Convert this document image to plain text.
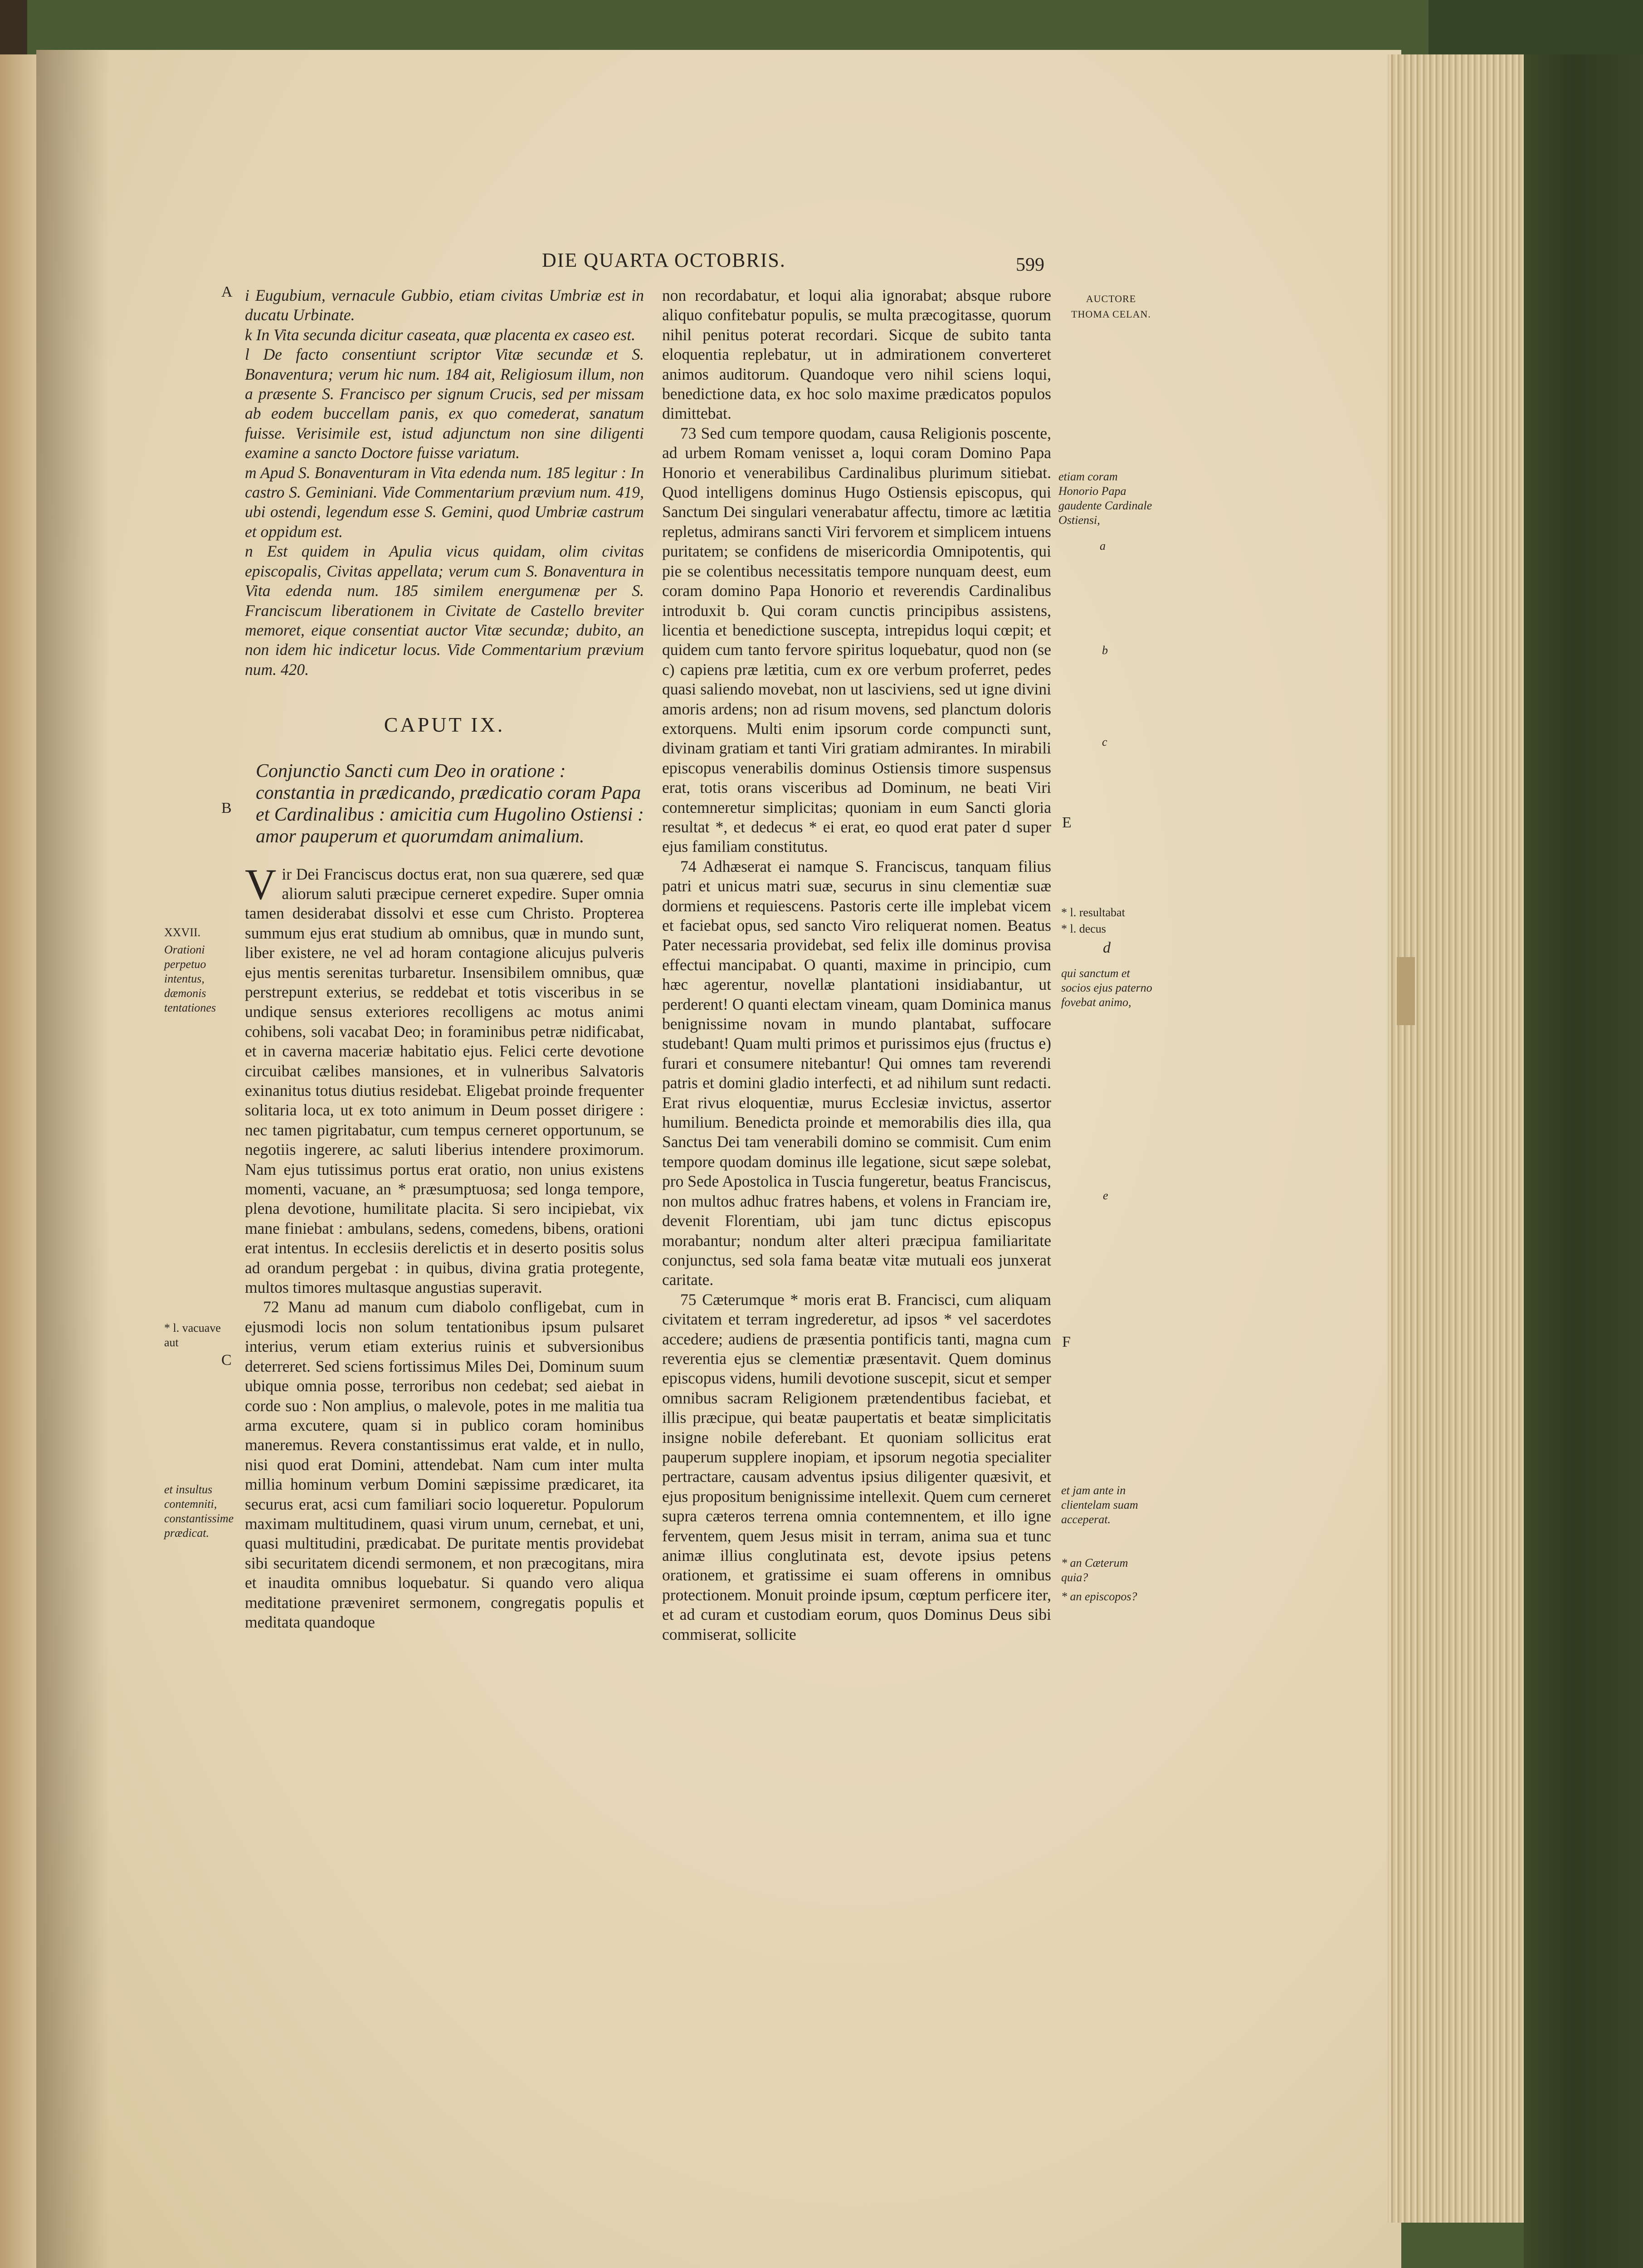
DIE QUARTA OCTOBRIS.	599
AUCTORE THOMA CELAN.
A
B
C
E
F
XXVII.
Orationi perpetuo intentus, dæmonis tentationes
* l. vacuave aut
et insultus contemniti, constantissime prædicat.
etiam coram Honorio Papa gaudente Cardinale Ostiensi,
a
b
c
* l. resultabat
* l. decus
d
qui sanctum et socios ejus paterno fovebat animo,
e
et jam ante in clientelam suam acceperat.
* an Cæterum quia?
* an episcopos?

i Eugubium, vernacule Gubbio, etiam civitas Umbriæ est in ducatu Urbinate.

k In Vita secunda dicitur caseata, quæ placenta ex caseo est.

l De facto consentiunt scriptor Vitæ secundæ et S. Bonaventura; verum hic num. 184 ait, Religiosum illum, non a præsente S. Francisco per signum Crucis, sed per missam ab eodem buccellam panis, ex quo comederat, sanatum fuisse. Verisimile est, istud adjunctum non sine diligenti examine a sancto Doctore fuisse variatum.

m Apud S. Bonaventuram in Vita edenda num. 185 legitur : In castro S. Geminiani. Vide Commentarium prævium num. 419, ubi ostendi, legendum esse S. Gemini, quod Umbriæ castrum et oppidum est.

n Est quidem in Apulia vicus quidam, olim civitas episcopalis, Civitas appellata; verum cum S. Bonaventura in Vita edenda num. 185 similem energumenæ per S. Franciscum liberationem in Civitate de Castello breviter memoret, eique consentiat auctor Vitæ secundæ; dubito, an non idem hic indicetur locus. Vide Commentarium prævium num. 420.

CAPUT IX.
Conjunctio Sancti cum Deo in oratione : constantia in prædicando, prædicatio coram Papa et Cardinalibus : amicitia cum Hugolino Ostiensi : amor pauperum et quorumdam animalium.

Vir Dei Franciscus doctus erat, non sua quærere, sed quæ aliorum saluti præcipue cerneret expedire. Super omnia tamen desiderabat dissolvi et esse cum Christo. Propterea summum ejus erat studium ab omnibus, quæ in mundo sunt, liber existere, ne vel ad horam contagione alicujus pulveris ejus mentis serenitas turbaretur. Insensibilem omnibus, quæ perstrepunt exterius, se reddebat et totis visceribus in se undique sensus exteriores recolligens ac motus animi cohibens, soli vacabat Deo; in foraminibus petræ nidificabat, et in caverna maceriæ habitatio ejus. Felici certe devotione circuibat cælibes mansiones, et in vulneribus Salvatoris exinanitus totus diutius residebat. Eligebat proinde frequenter solitaria loca, ut ex toto animum in Deum posset dirigere : nec tamen pigritabatur, cum tempus cerneret opportunum, se negotiis ingerere, ac saluti liberius intendere proximorum. Nam ejus tutissimus portus erat oratio, non unius existens momenti, vacuane, an * præsumptuosa; sed longa tempore, plena devotione, humilitate placita. Si sero incipiebat, vix mane finiebat : ambulans, sedens, comedens, bibens, orationi erat intentus. In ecclesiis derelictis et in deserto positis solus ad orandum pergebat : in quibus, divina gratia protegente, multos timores multasque angustias superavit.

72 Manu ad manum cum diabolo confligebat, cum in ejusmodi locis non solum tentationibus ipsum pulsaret interius, verum etiam exterius ruinis et subversionibus deterreret. Sed sciens fortissimus Miles Dei, Dominum suum ubique omnia posse, terroribus non cedebat; sed aiebat in corde suo : Non amplius, o malevole, potes in me malitia tua arma excutere, quam si in publico coram hominibus maneremus. Revera constantissimus erat valde, et in nullo, nisi quod erat Domini, attendebat. Nam cum inter multa millia hominum verbum Domini sæpissime prædicaret, ita securus erat, acsi cum familiari socio loqueretur. Populorum maximam multitudinem, quasi virum unum, cernebat, et uni, quasi multitudini, prædicabat. De puritate mentis providebat sibi securitatem dicendi sermonem, et non præcogitans, mira et inaudita omnibus loquebatur. Si quando vero aliqua meditatione præveniret sermonem, congregatis populis et meditata quandoque

non recordabatur, et loqui alia ignorabat; absque rubore aliquo confitebatur populis, se multa præcogitasse, quorum nihil penitus poterat recordari. Sicque de subito tanta eloquentia replebatur, ut in admirationem converteret animos auditorum. Quandoque vero nihil sciens loqui, benedictione data, ex hoc solo maxime prædicatos populos dimittebat.

73 Sed cum tempore quodam, causa Religionis poscente, ad urbem Romam venisset a, loqui coram Domino Papa Honorio et venerabilibus Cardinalibus plurimum sitiebat. Quod intelligens dominus Hugo Ostiensis episcopus, qui Sanctum Dei singulari venerabatur affectu, timore ac lætitia repletus, admirans sancti Viri fervorem et simplicem intuens puritatem; se confidens de misericordia Omnipotentis, qui pie se colentibus necessitatis tempore nunquam deest, eum coram domino Papa Honorio et reverendis Cardinalibus introduxit b. Qui coram cunctis principibus assistens, licentia et benedictione suscepta, intrepidus loqui cœpit; et quidem cum tanto fervore spiritus loquebatur, quod non (se c) capiens præ lætitia, cum ex ore verbum proferret, pedes quasi saliendo movebat, non ut lasciviens, sed ut igne divini amoris ardens; non ad risum movens, sed planctum doloris extorquens. Multi enim ipsorum corde compuncti sunt, divinam gratiam et tanti Viri gratiam admirantes. In mirabili episcopus venerabilis dominus Ostiensis timore suspensus erat, totis orans visceribus ad Dominum, ne beati Viri contemneretur simplicitas; quoniam in eum Sancti gloria resultat *, et dedecus * ei erat, eo quod erat pater d super ejus familiam constitutus.

74 Adhæserat ei namque S. Franciscus, tanquam filius patri et unicus matri suæ, securus in sinu clementiæ suæ dormiens et requiescens. Pastoris certe ille implebat vicem et faciebat opus, sed sancto Viro reliquerat nomen. Beatus Pater necessaria providebat, sed felix ille dominus provisa effectui mancipabat. O quanti, maxime in principio, cum hæc agerentur, novellæ plantationi insidiabantur, ut perderent! O quanti electam vineam, quam Dominica manus benignissime novam in mundo plantabat, suffocare studebant! Quam multi primos et purissimos ejus (fructus e) furari et consumere nitebantur! Qui omnes tam reverendi patris et domini gladio interfecti, et ad nihilum sunt redacti. Erat rivus eloquentiæ, murus Ecclesiæ invictus, assertor humilium. Benedicta proinde et memorabilis dies illa, qua Sanctus Dei tam venerabili domino se commisit. Cum enim tempore quodam dominus ille legatione, sicut sæpe solebat, pro Sede Apostolica in Tuscia fungeretur, beatus Franciscus, non multos adhuc fratres habens, et volens in Franciam ire, devenit Florentiam, ubi jam tunc dictus episcopus morabantur; nondum alter alteri præcipua familiaritate conjunctus, sed sola fama beatæ vitæ mutuali eos junxerat caritate.

75 Cæterumque * moris erat B. Francisci, cum aliquam civitatem et terram ingrederetur, ad ipsos * vel sacerdotes accedere; audiens de præsentia pontificis tanti, magna cum reverentia ejus se clementiæ præsentavit. Quem dominus episcopus videns, humili devotione suscepit, sicut et semper omnibus sacram Religionem prætendentibus faciebat, et illis præcipue, qui beatæ paupertatis et beatæ simplicitatis insigne nobile deferebant. Et quoniam sollicitus erat pauperum supplere inopiam, et ipsorum negotia specialiter pertractare, causam adventus ipsius diligenter quæsivit, et ejus propositum benignissime intellexit. Quem cum cerneret supra cæteros terrena omnia contemnentem, et illo igne ferventem, quem Jesus misit in terram, anima sua et tunc animæ illius conglutinata est, devote ipsius petens orationem, et gratissime ei suam offerens in omnibus protectionem. Monuit proinde ipsum, cœptum perficere iter, et ad curam et custodiam eorum, quos Dominus Deus sibi commiserat, sollicite
